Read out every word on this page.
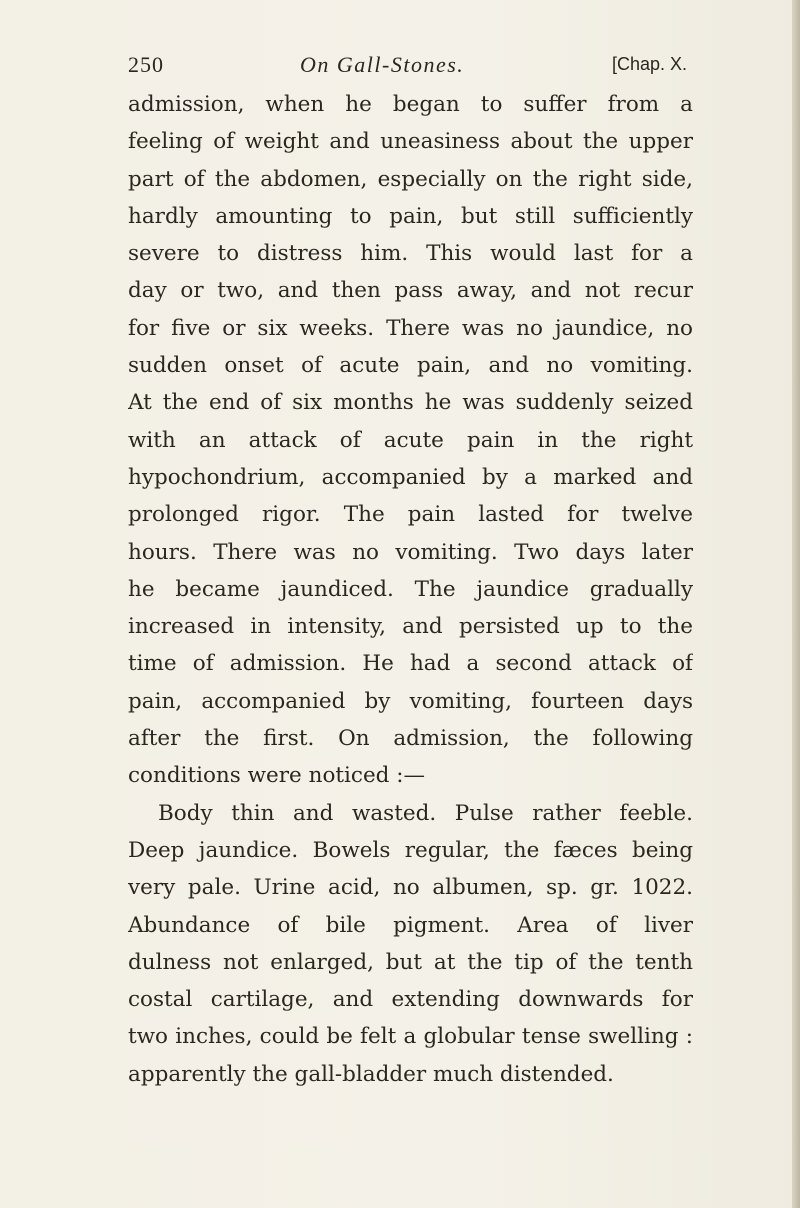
250	On Gall-Stones.	[Chap. X.
admission, when he began to suffer from a
feeling of weight and uneasiness about the upper
part of the abdomen, especially on the right side,
hardly amounting to pain, but still sufficiently
severe to distress him. This would last for a
day or two, and then pass away, and not recur
for five or six weeks. There was no jaundice, no
sudden onset of acute pain, and no vomiting.
At the end of six months he was suddenly seized
with an attack of acute pain in the right
hypochondrium, accompanied by a marked and
prolonged rigor. The pain lasted for twelve
hours. There was no vomiting. Two days later
he became jaundiced. The jaundice gradually
increased in intensity, and persisted up to the
time of admission. He had a second attack of
pain, accompanied by vomiting, fourteen days
after the first. On admission, the following
conditions were noticed :—
Body thin and wasted. Pulse rather feeble.
Deep jaundice. Bowels regular, the fæces being
very pale. Urine acid, no albumen, sp. gr. 1022.
Abundance of bile pigment. Area of liver
dulness not enlarged, but at the tip of the tenth
costal cartilage, and extending downwards for
two inches, could be felt a globular tense swelling :
apparently the gall-bladder much distended.
